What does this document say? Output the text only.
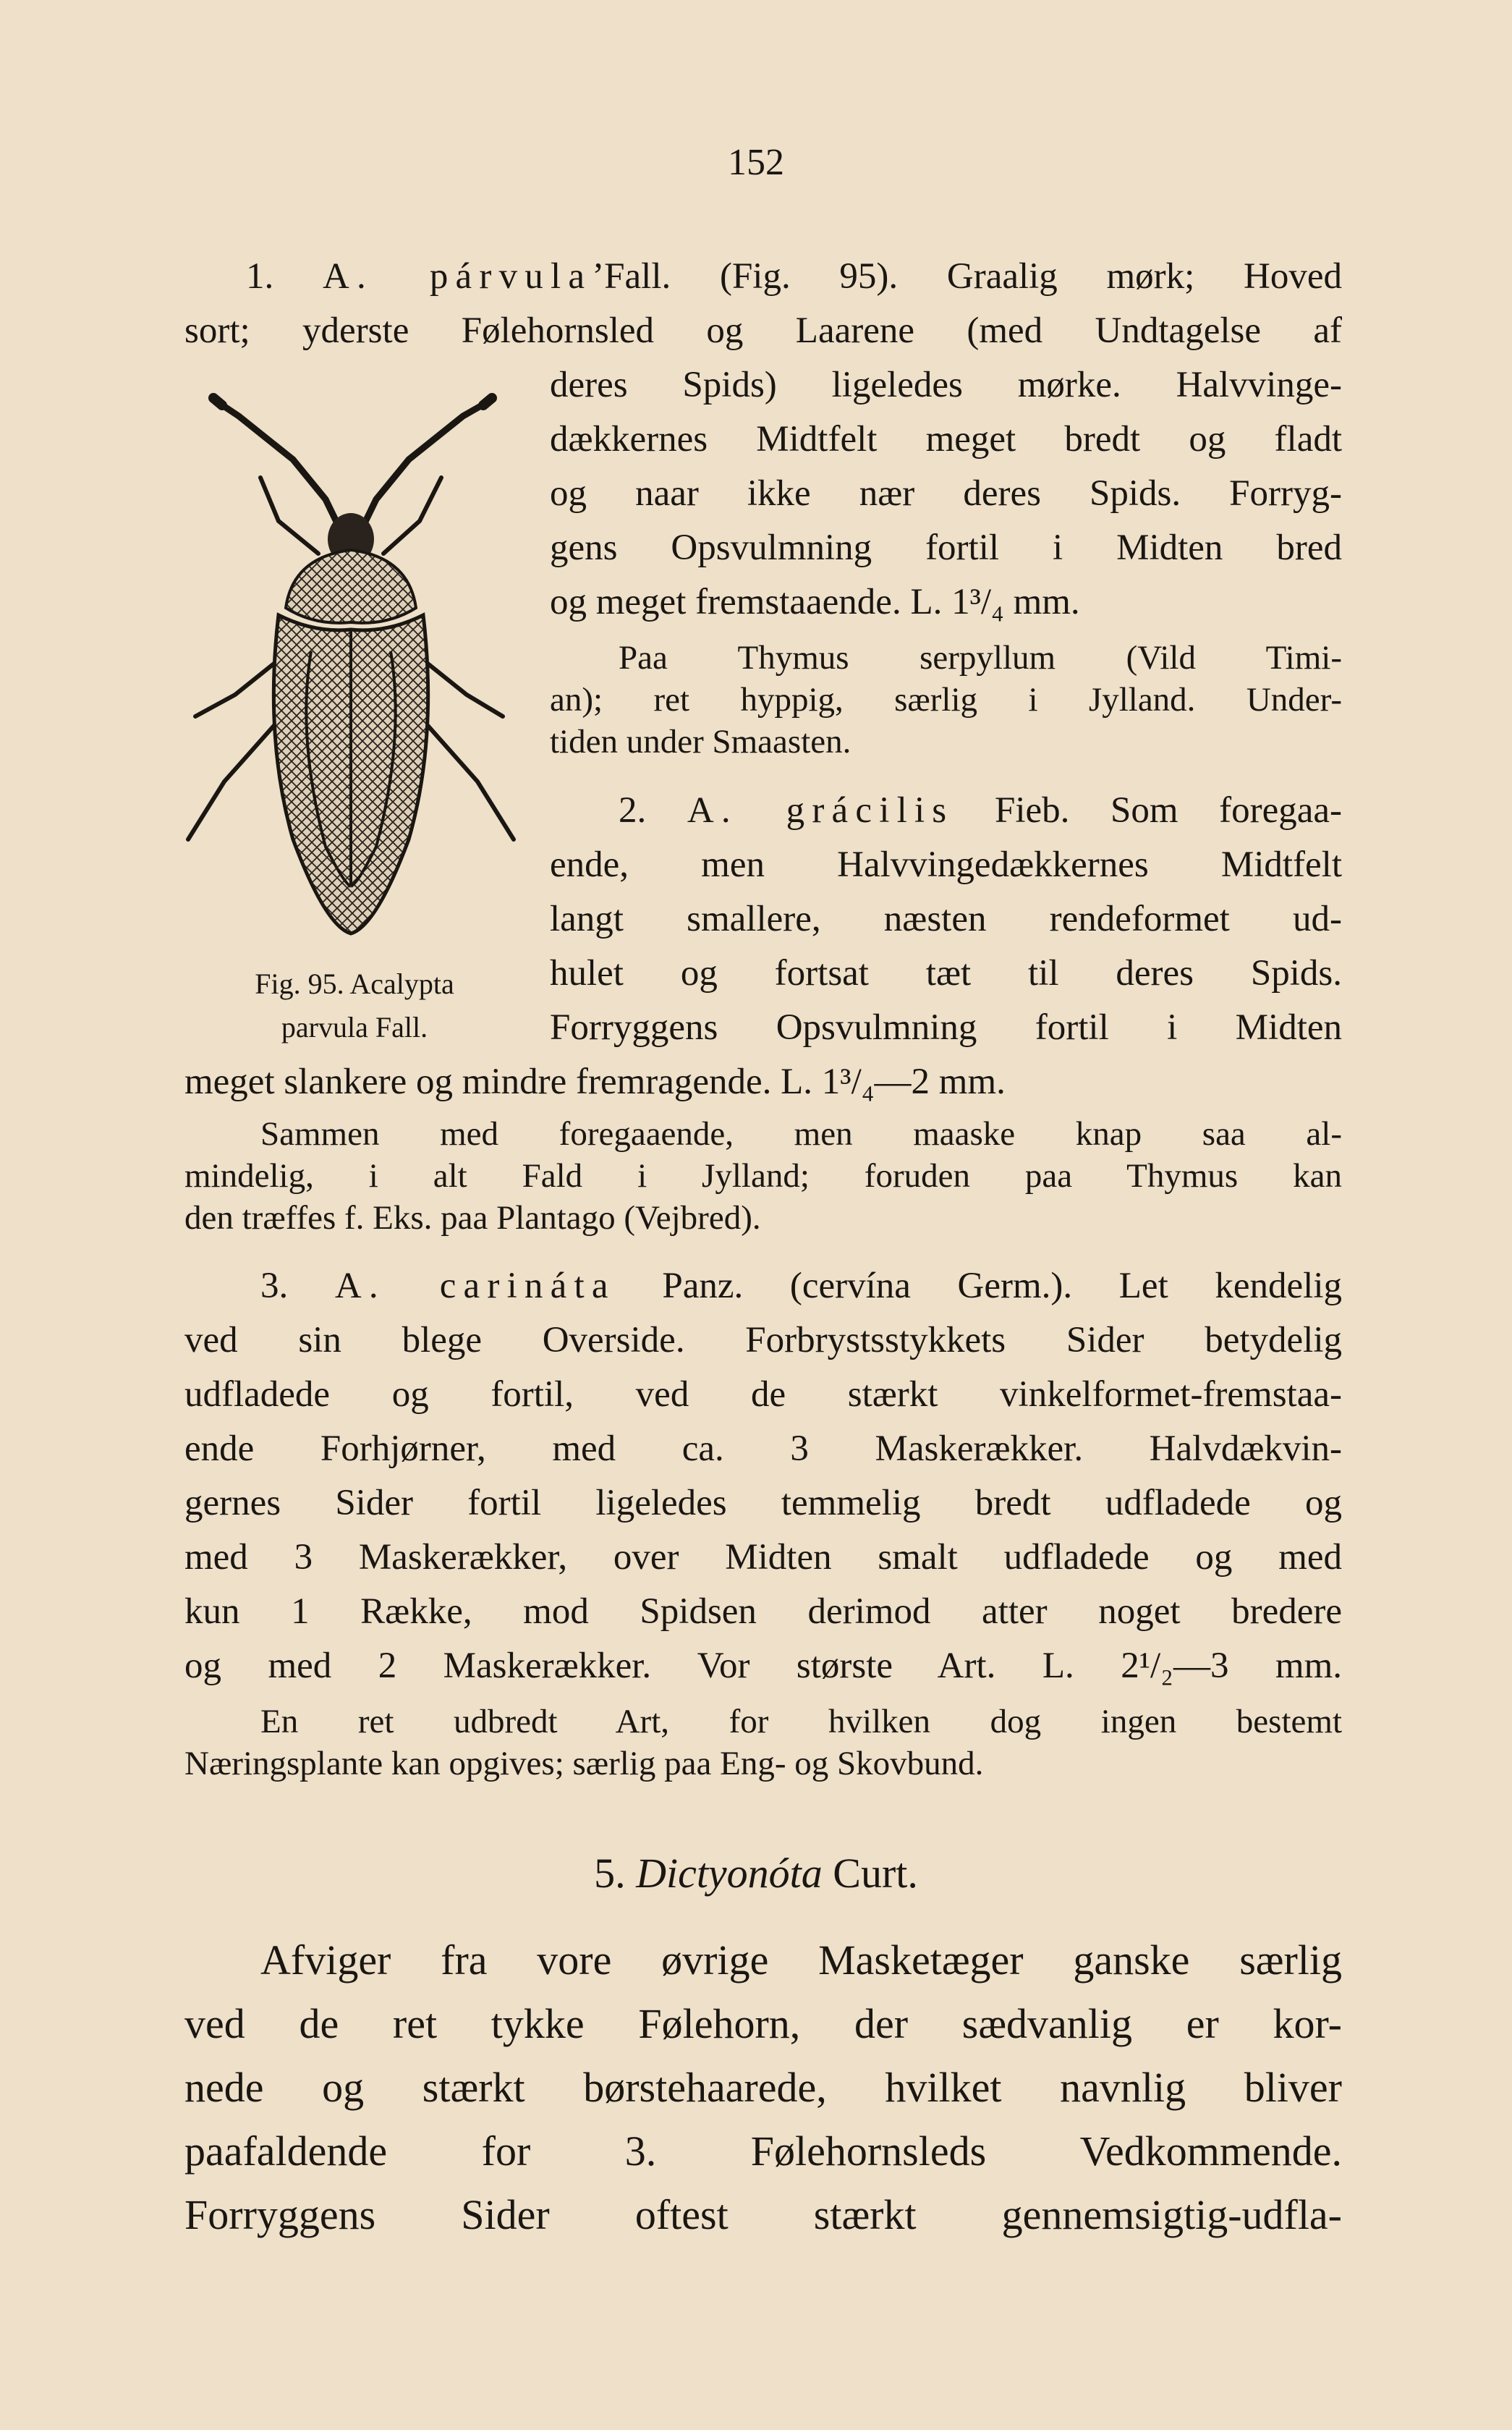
152
1. A. párvula’Fall. (Fig. 95). Graalig mørk; Hoved
sort; yderste Følehornsled og Laarene (med Undtagelse af
deres Spids) ligeledes mørke. Halvvinge-
dækkernes Midtfelt meget bredt og fladt
og naar ikke nær deres Spids. Forryg-
gens Opsvulmning fortil i Midten bred
og meget fremstaaende. L. 1³/₄ mm.
Paa Thymus serpyllum (Vild Timi-
an); ret hyppig, særlig i Jylland. Under-
tiden under Smaasten.
2. A. grácilis Fieb. Som foregaa-
ende, men Halvvingedækkernes Midtfelt
langt smallere, næsten rendeformet ud-
hulet og fortsat tæt til deres Spids.
Forryggens Opsvulmning fortil i Midten
Fig. 95. Acalypta
parvula Fall.
meget slankere og mindre fremragende. L. 1³/₄—2 mm.
Sammen med foregaaende, men maaske knap saa al-
mindelig, i alt Fald i Jylland; foruden paa Thymus kan
den træffes f. Eks. paa Plantago (Vejbred).
3. A. carináta Panz. (cervína Germ.). Let kendelig
ved sin blege Overside. Forbrystsstykkets Sider betydelig
udfladede og fortil, ved de stærkt vinkelformet-fremstaa-
ende Forhjørner, med ca. 3 Maskerækker. Halvdækvin-
gernes Sider fortil ligeledes temmelig bredt udfladede og
med 3 Maskerækker, over Midten smalt udfladede og med
kun 1 Række, mod Spidsen derimod atter noget bredere
og med 2 Maskerækker. Vor største Art. L. 2¹/₂—3 mm.
En ret udbredt Art, for hvilken dog ingen bestemt
Næringsplante kan opgives; særlig paa Eng- og Skovbund.
5. Dictyonóta Curt.
Afviger fra vore øvrige Masketæger ganske særlig
ved de ret tykke Følehorn, der sædvanlig er kor-
nede og stærkt børstehaarede, hvilket navnlig bliver
paafaldende for 3. Følehornsleds Vedkommende.
Forryggens Sider oftest stærkt gennemsigtig-udfla-
